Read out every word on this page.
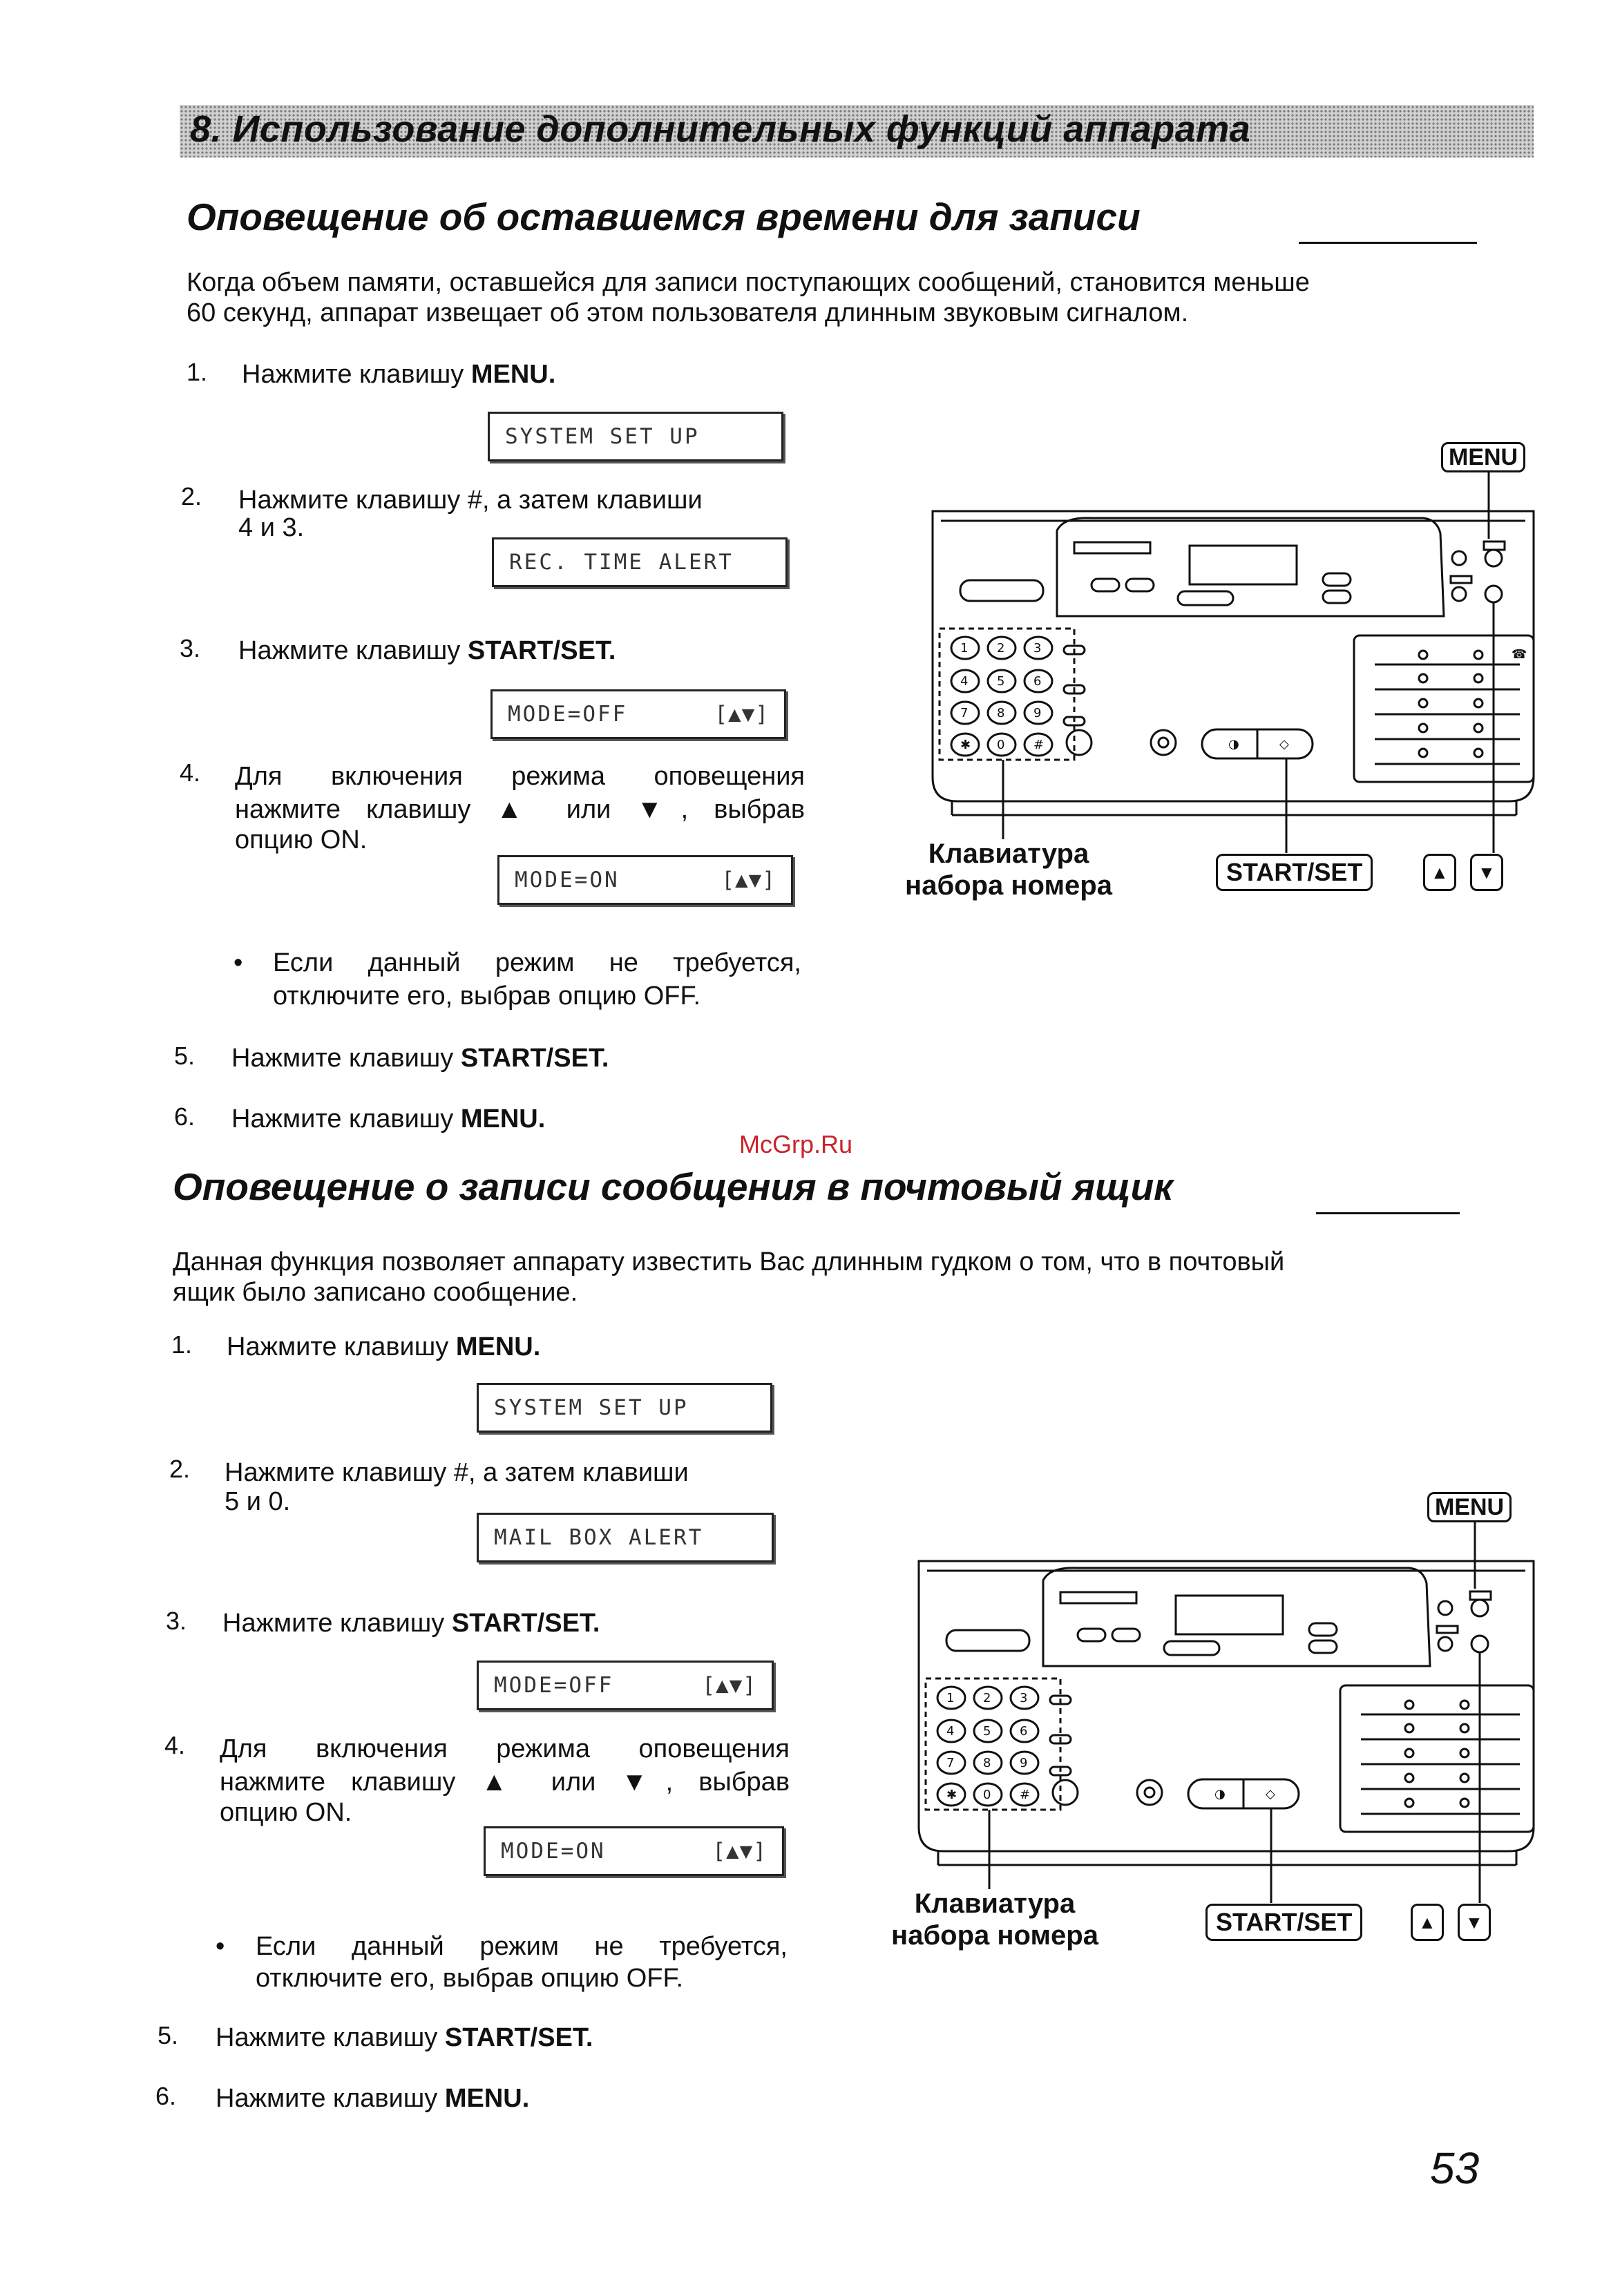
8. Использование дополнительных функций аппарата
Оповещение об оставшемся времени для записи
Когда объем памяти, оставшейся для записи поступающих сообщений, становится меньше
60 секунд, аппарат извещает об этом пользователя длинным звуковым сигналом.
1. Нажмите клавишу MENU.
SYSTEM SET UP
2. Нажмите клавишу #, а затем клавиши
4 и 3.
REC. TIME ALERT
3. Нажмите клавишу START/SET.
MODE=OFF	[▲▼]
4. Для включения режима оповещения
нажмите клавишу ▲ или ▼, выбрав
опцию ON.
MODE=ON	[▲▼]
• Если данный режим не требуется,
отключите его, выбрав опцию OFF.
5. Нажмите клавишу START/SET.
6. Нажмите клавишу MENU.
McGrp.Ru
1 2 3
4 5 6
7 8 9
✱ 0 #	◑	◇
☎
MENU
Клавиатура
набора номера	START/SET	▲	▼
Оповещение о записи сообщения в почтовый ящик
Данная функция позволяет аппарату известить Вас длинным гудком о том, что в почтовый
ящик было записано сообщение.
1. Нажмите клавишу MENU.
SYSTEM SET UP
2. Нажмите клавишу #, а затем клавиши
5 и 0.
MAIL BOX ALERT
3. Нажмите клавишу START/SET.
MODE=OFF	[▲▼]
4. Для включения режима оповещения
нажмите клавишу ▲ или ▼, выбрав
опцию ON.
MODE=ON	[▲▼]
• Если данный режим не требуется,
отключите его, выбрав опцию OFF.
5. Нажмите клавишу START/SET.
6. Нажмите клавишу MENU.
1 2 3
4 5 6
7 8 9
✱ 0 #	◑	◇
MENU
Клавиатура
набора номера	START/SET	▲	▼
53
